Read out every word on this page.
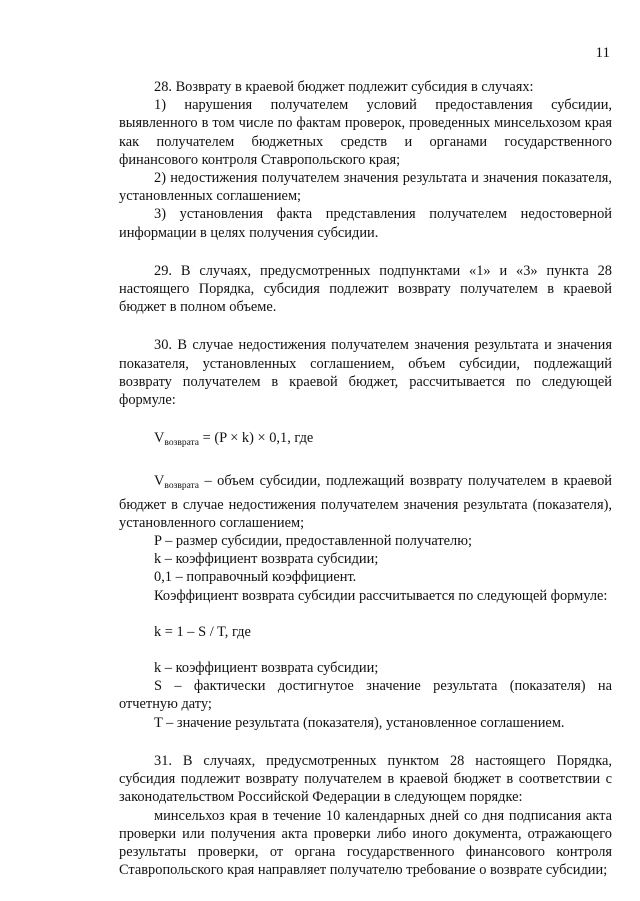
11

28. Возврату в краевой бюджет подлежит субсидия в случаях:

1) нарушения получателем условий предоставления субсидии, выявленного в том числе по фактам проверок, проведенных минсельхозом края как получателем бюджетных средств и органами государственного финансового контроля Ставропольского края;

2) недостижения получателем значения результата и значения показателя, установленных соглашением;

3) установления факта представления получателем недостоверной информации в целях получения субсидии.

29. В случаях, предусмотренных подпунктами «1» и «3» пункта 28 настоящего Порядка, субсидия подлежит возврату получателем в краевой бюджет в полном объеме.

30. В случае недостижения получателем значения результата и значения показателя, установленных соглашением, объем субсидии, подлежащий возврату получателем в краевой бюджет, рассчитывается по следующей формуле:

$V_{возврата} = (P \times k) \times 0,1$, где

$V_{возврата}$ – объем субсидии, подлежащий возврату получателем в краевой бюджет в случае недостижения получателем значения результата (показателя), установленного соглашением;

P – размер субсидии, предоставленной получателю;

k – коэффициент возврата субсидии;

0,1 – поправочный коэффициент.

Коэффициент возврата субсидии рассчитывается по следующей формуле:

k = 1 – S / T, где

k – коэффициент возврата субсидии;

S – фактически достигнутое значение результата (показателя) на отчетную дату;

T – значение результата (показателя), установленное соглашением.

31. В случаях, предусмотренных пунктом 28 настоящего Порядка, субсидия подлежит возврату получателем в краевой бюджет в соответствии с законодательством Российской Федерации в следующем порядке:

минсельхоз края в течение 10 календарных дней со дня подписания акта проверки или получения акта проверки либо иного документа, отражающего результаты проверки, от органа государственного финансового контроля Ставропольского края направляет получателю требование о возврате субсидии;
